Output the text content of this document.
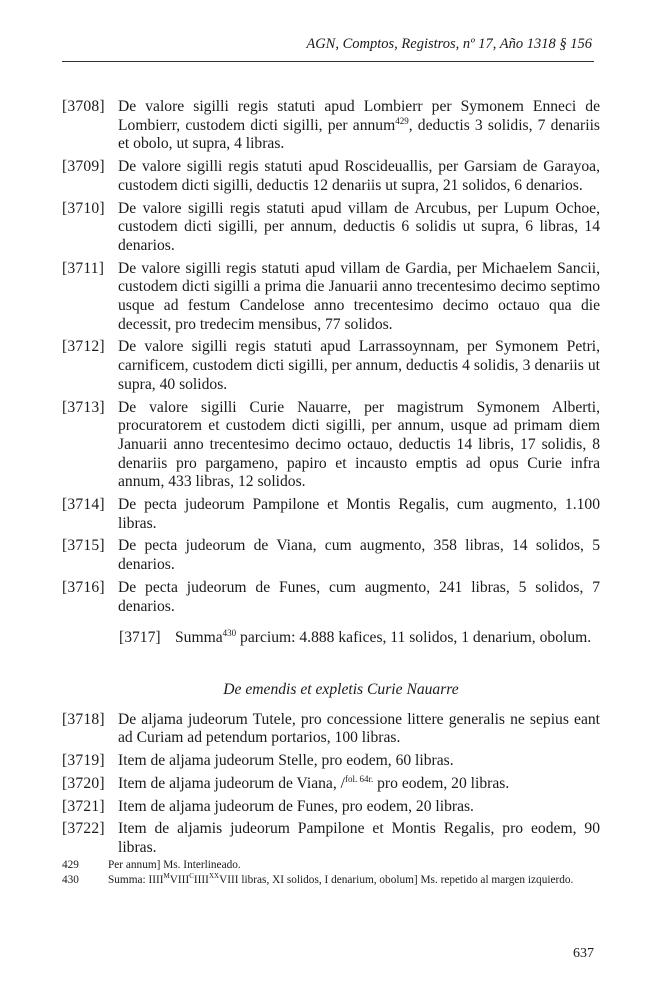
AGN, Comptos, Registros, nº 17, Año 1318 § 156
[3708] De valore sigilli regis statuti apud Lombierr per Symonem Enneci de Lombierr, custodem dicti sigilli, per annum$^{429}$, deductis 3 solidis, 7 denariis et obolo, ut supra, 4 libras.
[3709] De valore sigilli regis statuti apud Roscideuallis, per Garsiam de Garayoa, custodem dicti sigilli, deductis 12 denariis ut supra, 21 solidos, 6 denarios.
[3710] De valore sigilli regis statuti apud villam de Arcubus, per Lupum Ochoe, custodem dicti sigilli, per annum, deductis 6 solidis ut supra, 6 libras, 14 denarios.
[3711] De valore sigilli regis statuti apud villam de Gardia, per Michaelem Sancii, custodem dicti sigilli a prima die Januarii anno trecentesimo decimo septimo usque ad festum Candelose anno trecentesimo decimo octauo qua die decessit, pro tredecim mensibus, 77 solidos.
[3712] De valore sigilli regis statuti apud Larrassoynnam, per Symonem Petri, carnificem, custodem dicti sigilli, per annum, deductis 4 solidis, 3 denariis ut supra, 40 solidos.
[3713] De valore sigilli Curie Nauarre, per magistrum Symonem Alberti, procuratorem et custodem dicti sigilli, per annum, usque ad primam diem Januarii anno trecentesimo decimo octauo, deductis 14 libris, 17 solidis, 8 denariis pro pargameno, papiro et incausto emptis ad opus Curie infra annum, 433 libras, 12 solidos.
[3714] De pecta judeorum Pampilone et Montis Regalis, cum augmento, 1.100 libras.
[3715] De pecta judeorum de Viana, cum augmento, 358 libras, 14 solidos, 5 denarios.
[3716] De pecta judeorum de Funes, cum augmento, 241 libras, 5 solidos, 7 denarios.
[3717] Summa$^{430}$ parcium: 4.888 kafices, 11 solidos, 1 denarium, obolum.
De emendis et expletis Curie Nauarre
[3718] De aljama judeorum Tutele, pro concessione littere generalis ne sepius eant ad Curiam ad petendum portarios, 100 libras.
[3719] Item de aljama judeorum Stelle, pro eodem, 60 libras.
[3720] Item de aljama judeorum de Viana, /$^{fol. 64r.}$ pro eodem, 20 libras.
[3721] Item de aljama judeorum de Funes, pro eodem, 20 libras.
[3722] Item de aljamis judeorum Pampilone et Montis Regalis, pro eodem, 90 libras.
429	Per annum] Ms. Interlineado.
430	Summa: $IIII^MVIII^CIIII^{XX}VIII$ libras, XI solidos, I denarium, obolum] Ms. repetido al margen izquierdo.
637
